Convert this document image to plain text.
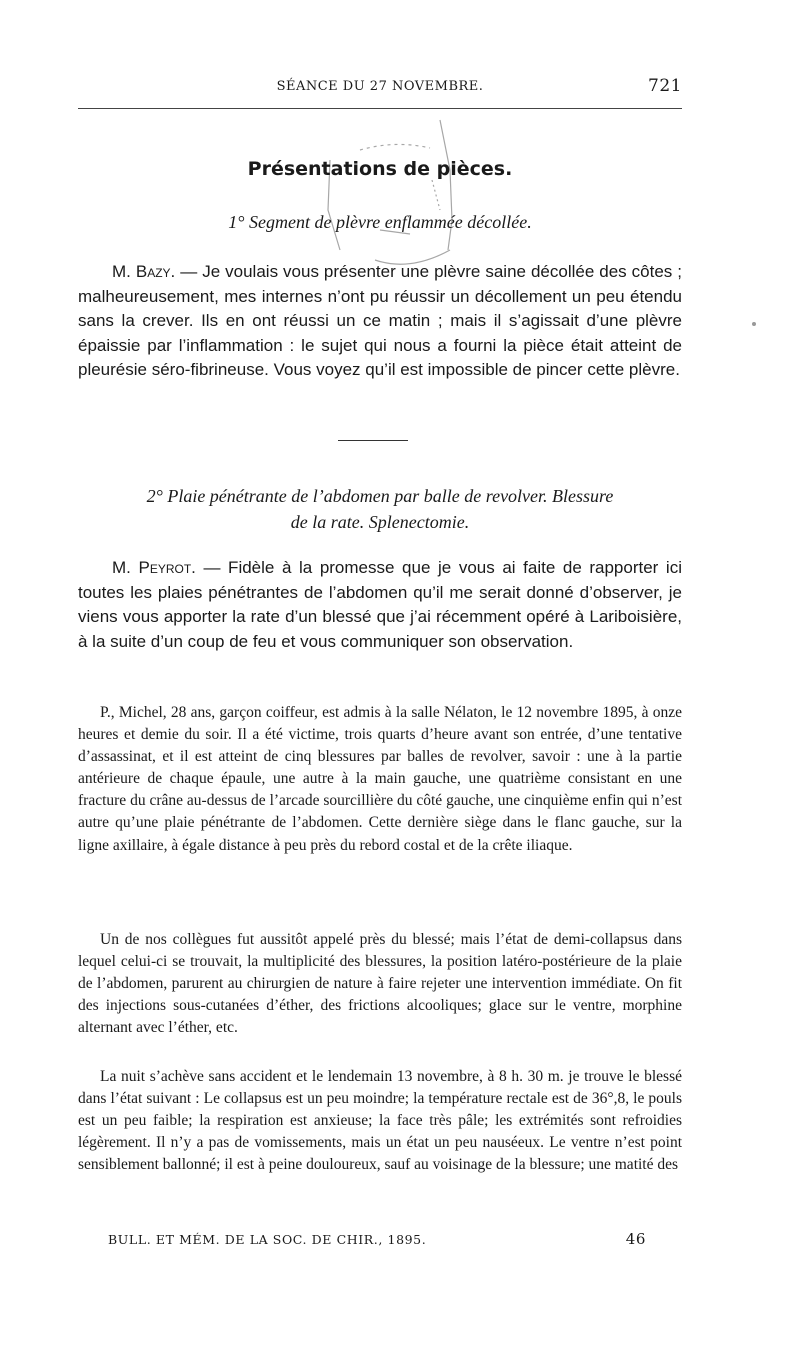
SÉANCE DU 27 NOVEMBRE.	721
Présentations de pièces.
1° Segment de plèvre enflammée décollée.

M. Bazy. — Je voulais vous présenter une plèvre saine décollée des côtes ; malheureusement, mes internes n’ont pu réussir un décollement un peu étendu sans la crever. Ils en ont réussi un ce matin ; mais il s’agissait d’une plèvre épaissie par l’inflammation : le sujet qui nous a fourni la pièce était atteint de pleurésie séro-fibrineuse. Vous voyez qu’il est impossible de pincer cette plèvre.

2° Plaie pénétrante de l’abdomen par balle de revolver. Blessure
de la rate. Splenectomie.

M. Peyrot. — Fidèle à la promesse que je vous ai faite de rapporter ici toutes les plaies pénétrantes de l’abdomen qu’il me serait donné d’observer, je viens vous apporter la rate d’un blessé que j’ai récemment opéré à Lariboisière, à la suite d’un coup de feu et vous communiquer son observation.

P., Michel, 28 ans, garçon coiffeur, est admis à la salle Nélaton, le 12 novembre 1895, à onze heures et demie du soir. Il a été victime, trois quarts d’heure avant son entrée, d’une tentative d’assassinat, et il est atteint de cinq blessures par balles de revolver, savoir : une à la partie antérieure de chaque épaule, une autre à la main gauche, une quatrième consistant en une fracture du crâne au-dessus de l’arcade sourcillière du côté gauche, une cinquième enfin qui n’est autre qu’une plaie pénétrante de l’abdomen. Cette dernière siège dans le flanc gauche, sur la ligne axillaire, à égale distance à peu près du rebord costal et de la crête iliaque.

Un de nos collègues fut aussitôt appelé près du blessé; mais l’état de demi-collapsus dans lequel celui-ci se trouvait, la multiplicité des blessures, la position latéro-postérieure de la plaie de l’abdomen, parurent au chirurgien de nature à faire rejeter une intervention immédiate. On fit des injections sous-cutanées d’éther, des frictions alcooliques; glace sur le ventre, morphine alternant avec l’éther, etc.

La nuit s’achève sans accident et le lendemain 13 novembre, à 8 h. 30 m. je trouve le blessé dans l’état suivant : Le collapsus est un peu moindre; la température rectale est de 36°,8, le pouls est un peu faible; la respiration est anxieuse; la face très pâle; les extrémités sont refroidies légèrement. Il n’y a pas de vomissements, mais un état un peu nauséeux. Le ventre n’est point sensiblement ballonné; il est à peine douloureux, sauf au voisinage de la blessure; une matité des

BULL. ET MÉM. DE LA SOC. DE CHIR., 1895.	46
